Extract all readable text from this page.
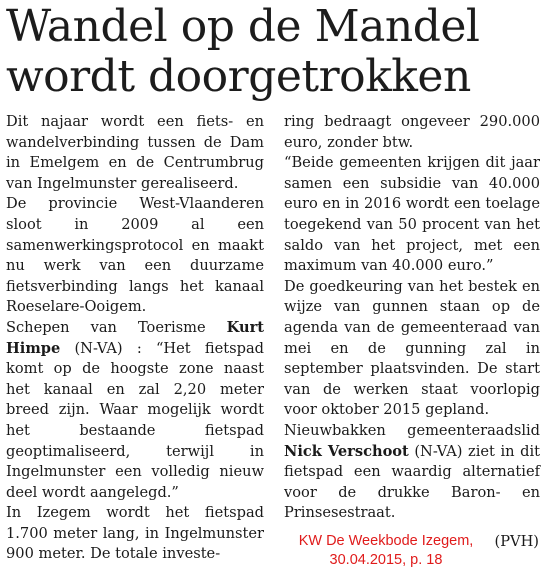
Wandel op de Mandel
wordt doorgetrokken

Dit najaar wordt een fiets- en wandelverbinding tussen de Dam in Emelgem en de Centrumbrug van Ingelmunster gerealiseerd.

De provincie West-Vlaanderen sloot in 2009 al een samenwerkingsprotocol en maakt nu werk van een duurzame fietsverbinding langs het kanaal Roeselare-Ooigem.

Schepen van Toerisme Kurt Himpe (N-VA) : “Het fietspad komt op de hoogste zone naast het kanaal en zal 2,20 meter breed zijn. Waar mogelijk wordt het bestaande fietspad geoptimaliseerd, terwijl in Ingelmunster een volledig nieuw deel wordt aangelegd.”

In Izegem wordt het fietspad 1.700 meter lang, in Ingelmunster 900 meter. De totale investe-

ring bedraagt ongeveer 290.000 euro, zonder btw.

“Beide gemeenten krijgen dit jaar samen een subsidie van 40.000 euro en in 2016 wordt een toelage toegekend van 50 procent van het saldo van het project, met een maximum van 40.000 euro.”

De goedkeuring van het bestek en wijze van gunnen staan op de agenda van de gemeenteraad van mei en de gunning zal in september plaatsvinden. De start van de werken staat voorlopig voor oktober 2015 gepland.

Nieuwbakken gemeenteraadslid Nick Verschoot (N-VA) ziet in dit fietspad een waardig alternatief voor de drukke Baron- en Prinsesestraat.

KW De Weekbode Izegem,
30.04.2015, p. 18
(PVH)
